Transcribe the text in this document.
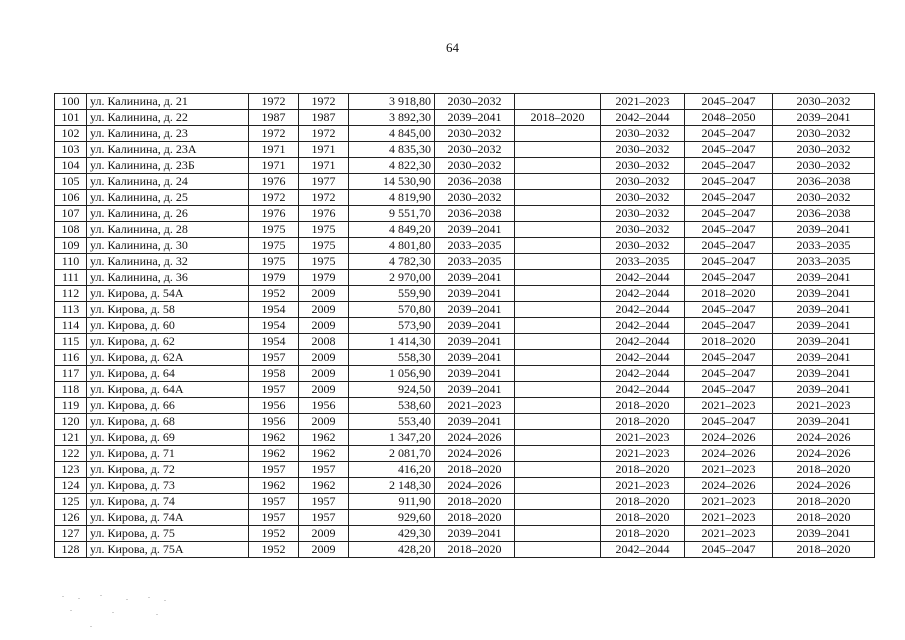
64
100	ул. Калинина, д. 21	1972	1972	3 918,80	2030–2032		2021–2023	2045–2047	2030–2032
101	ул. Калинина, д. 22	1987	1987	3 892,30	2039–2041	2018–2020	2042–2044	2048–2050	2039–2041
102	ул. Калинина, д. 23	1972	1972	4 845,00	2030–2032		2030–2032	2045–2047	2030–2032
103	ул. Калинина, д. 23А	1971	1971	4 835,30	2030–2032		2030–2032	2045–2047	2030–2032
104	ул. Калинина, д. 23Б	1971	1971	4 822,30	2030–2032		2030–2032	2045–2047	2030–2032
105	ул. Калинина, д. 24	1976	1977	14 530,90	2036–2038		2030–2032	2045–2047	2036–2038
106	ул. Калинина, д. 25	1972	1972	4 819,90	2030–2032		2030–2032	2045–2047	2030–2032
107	ул. Калинина, д. 26	1976	1976	9 551,70	2036–2038		2030–2032	2045–2047	2036–2038
108	ул. Калинина, д. 28	1975	1975	4 849,20	2039–2041		2030–2032	2045–2047	2039–2041
109	ул. Калинина, д. 30	1975	1975	4 801,80	2033–2035		2030–2032	2045–2047	2033–2035
110	ул. Калинина, д. 32	1975	1975	4 782,30	2033–2035		2033–2035	2045–2047	2033–2035
111	ул. Калинина, д. 36	1979	1979	2 970,00	2039–2041		2042–2044	2045–2047	2039–2041
112	ул. Кирова, д. 54А	1952	2009	559,90	2039–2041		2042–2044	2018–2020	2039–2041
113	ул. Кирова, д. 58	1954	2009	570,80	2039–2041		2042–2044	2045–2047	2039–2041
114	ул. Кирова, д. 60	1954	2009	573,90	2039–2041		2042–2044	2045–2047	2039–2041
115	ул. Кирова, д. 62	1954	2008	1 414,30	2039–2041		2042–2044	2018–2020	2039–2041
116	ул. Кирова, д. 62А	1957	2009	558,30	2039–2041		2042–2044	2045–2047	2039–2041
117	ул. Кирова, д. 64	1958	2009	1 056,90	2039–2041		2042–2044	2045–2047	2039–2041
118	ул. Кирова, д. 64А	1957	2009	924,50	2039–2041		2042–2044	2045–2047	2039–2041
119	ул. Кирова, д. 66	1956	1956	538,60	2021–2023		2018–2020	2021–2023	2021–2023
120	ул. Кирова, д. 68	1956	2009	553,40	2039–2041		2018–2020	2045–2047	2039–2041
121	ул. Кирова, д. 69	1962	1962	1 347,20	2024–2026		2021–2023	2024–2026	2024–2026
122	ул. Кирова, д. 71	1962	1962	2 081,70	2024–2026		2021–2023	2024–2026	2024–2026
123	ул. Кирова, д. 72	1957	1957	416,20	2018–2020		2018–2020	2021–2023	2018–2020
124	ул. Кирова, д. 73	1962	1962	2 148,30	2024–2026		2021–2023	2024–2026	2024–2026
125	ул. Кирова, д. 74	1957	1957	911,90	2018–2020		2018–2020	2021–2023	2018–2020
126	ул. Кирова, д. 74А	1957	1957	929,60	2018–2020		2018–2020	2021–2023	2018–2020
127	ул. Кирова, д. 75	1952	2009	429,30	2039–2041		2018–2020	2021–2023	2039–2041
128	ул. Кирова, д. 75А	1952	2009	428,20	2018–2020		2042–2044	2045–2047	2018–2020
